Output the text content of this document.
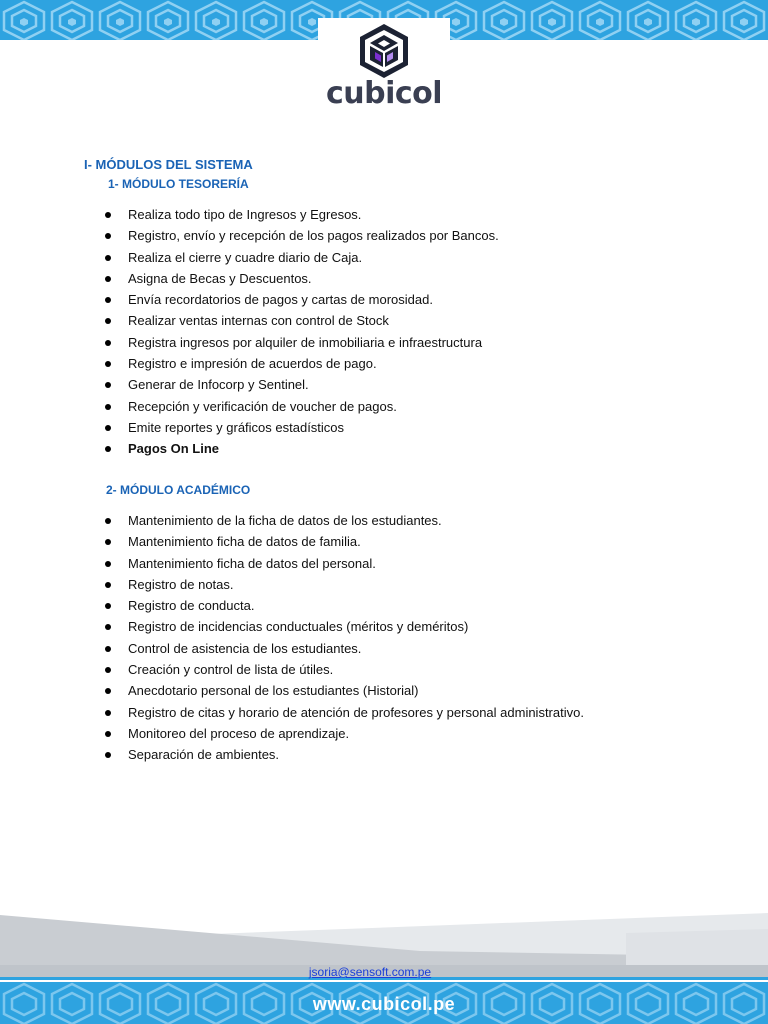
cubicol
I- MÓDULOS DEL SISTEMA
1- MÓDULO TESORERÍA
Realiza todo tipo de Ingresos y Egresos.
Registro, envío y recepción de los pagos realizados por Bancos.
Realiza el cierre y cuadre diario de Caja.
Asigna de Becas y Descuentos.
Envía recordatorios de pagos y cartas de morosidad.
Realizar ventas internas con control de Stock
Registra ingresos por alquiler de inmobiliaria e infraestructura
Registro e impresión de acuerdos de pago.
Generar de Infocorp y Sentinel.
Recepción y verificación de voucher de pagos.
Emite reportes y gráficos estadísticos
Pagos On Line
2- MÓDULO ACADÉMICO
Mantenimiento de la ficha de datos de los estudiantes.
Mantenimiento ficha de datos de familia.
Mantenimiento ficha de datos del personal.
Registro de notas.
Registro de conducta.
Registro de incidencias conductuales (méritos y deméritos)
Control de asistencia de los estudiantes.
Creación y control de lista de útiles.
Anecdotario personal de los estudiantes (Historial)
Registro de citas y horario de atención de profesores y personal administrativo.
Monitoreo del proceso de aprendizaje.
Separación de ambientes.
jsoria@sensoft.com.pe
www.cubicol.pe
